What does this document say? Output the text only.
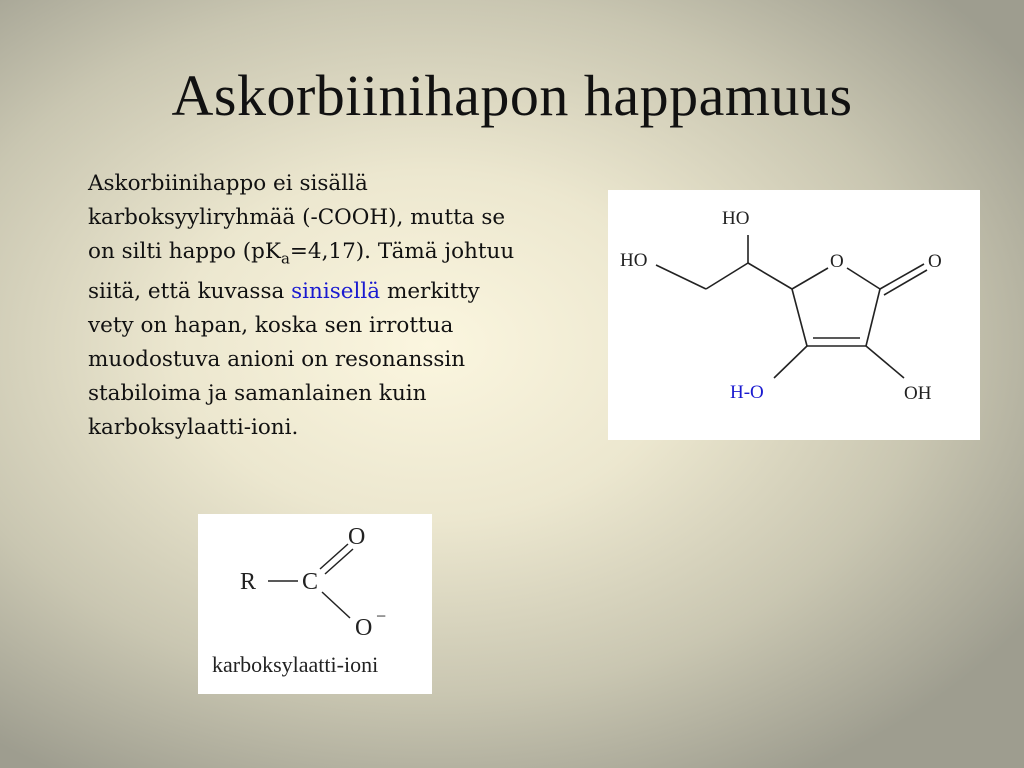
Askorbiinihapon happamuus
Askorbiinihappo ei sisällä
karboksyyliryhmää (-COOH), mutta se
on silti happo $(pK_a=4,17)$. Tämä johtuu
siitä, että kuvassa sinisellä merkitty
vety on hapan, koska sen irrottua
muodostuva anioni on resonanssin
stabiloima ja samanlainen kuin
karboksylaatti-ioni.
HO
HO	O	O
H-O	OH
R C
O
O −
karboksylaatti-ioni
